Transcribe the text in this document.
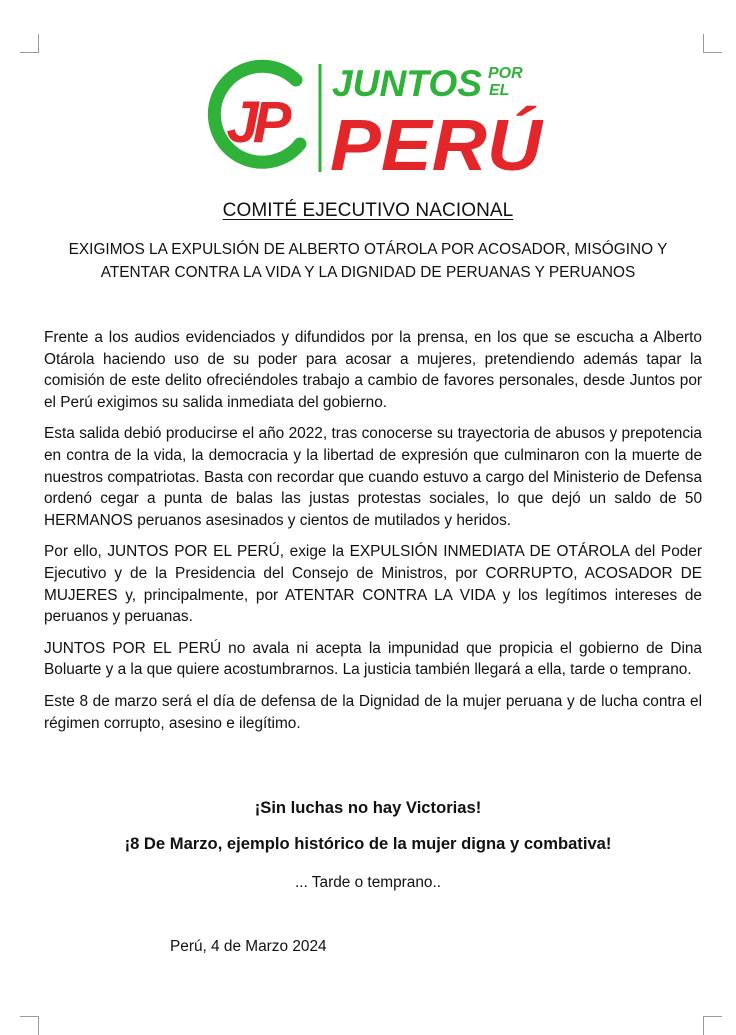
JP
JUNTOS POR
EL
PERÚ
COMITÉ EJECUTIVO NACIONAL
EXIGIMOS LA EXPULSIÓN DE ALBERTO OTÁROLA POR ACOSADOR, MISÓGINO Y
ATENTAR CONTRA LA VIDA Y LA DIGNIDAD DE PERUANAS Y PERUANOS

Frente a los audios evidenciados y difundidos por la prensa, en los que se escucha a Alberto Otárola haciendo uso de su poder para acosar a mujeres, pretendiendo además tapar la comisión de este delito ofreciéndoles trabajo a cambio de favores personales, desde Juntos por el Perú exigimos su salida inmediata del gobierno.

Esta salida debió producirse el año 2022, tras conocerse su trayectoria de abusos y prepotencia en contra de la vida, la democracia y la libertad de expresión que culminaron con la muerte de nuestros compatriotas. Basta con recordar que cuando estuvo a cargo del Ministerio de Defensa ordenó cegar a punta de balas las justas protestas sociales, lo que dejó un saldo de 50 HERMANOS peruanos asesinados y cientos de mutilados y heridos.

Por ello, JUNTOS POR EL PERÚ, exige la EXPULSIÓN INMEDIATA DE OTÁROLA del Poder Ejecutivo y de la Presidencia del Consejo de Ministros, por CORRUPTO, ACOSADOR DE MUJERES y, principalmente, por ATENTAR CONTRA LA VIDA y los legítimos intereses de peruanos y peruanas.

JUNTOS POR EL PERÚ no avala ni acepta la impunidad que propicia el gobierno de Dina Boluarte y a la que quiere acostumbrarnos. La justicia también llegará a ella, tarde o temprano.

Este 8 de marzo será el día de defensa de la Dignidad de la mujer peruana y de lucha contra el régimen corrupto, asesino e ilegítimo.

¡Sin luchas no hay Victorias!

¡8 De Marzo, ejemplo histórico de la mujer digna y combativa!

... Tarde o temprano..

Perú, 4 de Marzo 2024
